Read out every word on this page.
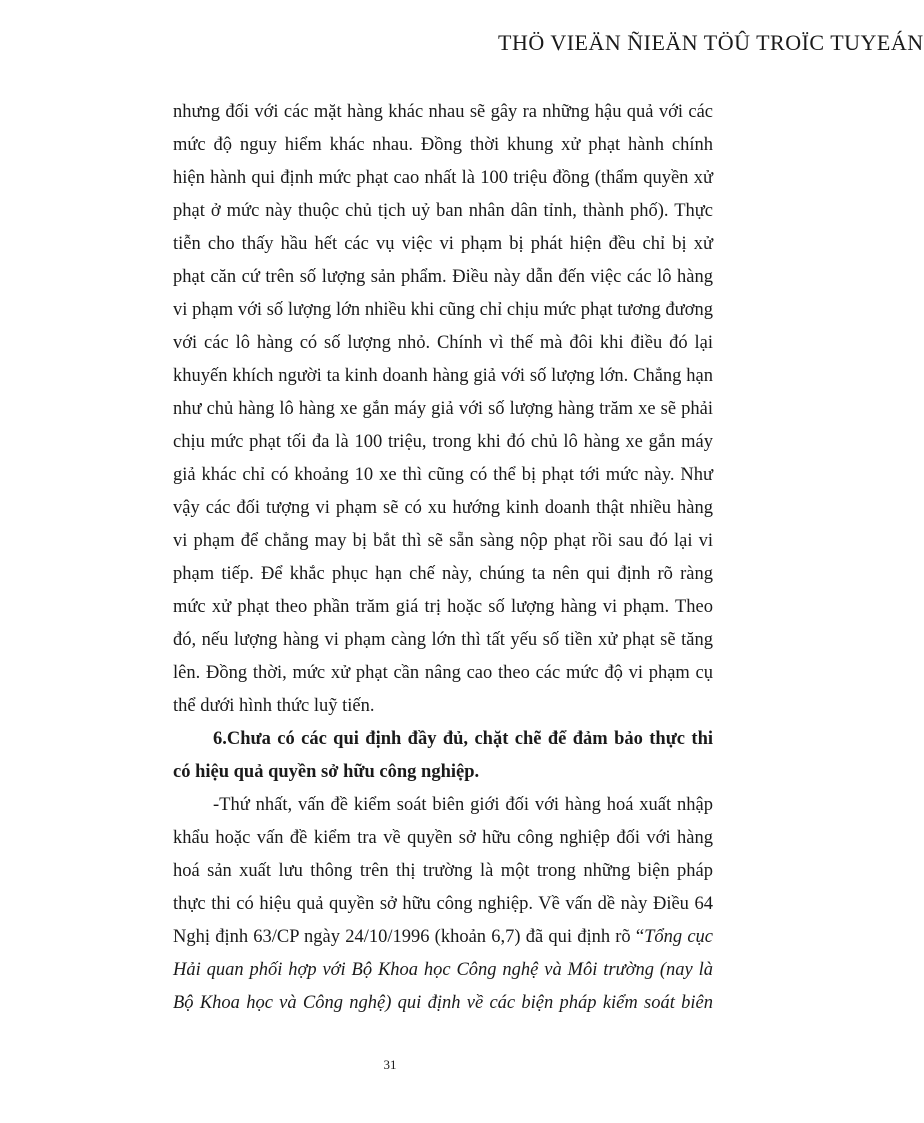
THÖ VIEÄN ÑIEÄN TÖÛ TROÏC TUYEÁN
nhưng đối với các mặt hàng khác nhau sẽ gây ra những hậu quả với các
mức độ nguy hiểm khác nhau. Đồng thời khung xử phạt hành chính
hiện hành qui định mức phạt cao nhất là 100 triệu đồng (thẩm quyền xử
phạt ở mức này thuộc chủ tịch uỷ ban nhân dân tỉnh, thành phố). Thực
tiễn cho thấy hầu hết các vụ việc vi phạm bị phát hiện đều chỉ bị xử
phạt căn cứ trên số lượng sản phẩm. Điều này dẫn đến việc các lô hàng
vi phạm với số lượng lớn nhiều khi cũng chỉ chịu mức phạt tương đương
với các lô hàng có số lượng nhỏ. Chính vì thế mà đôi khi điều đó lại
khuyến khích người ta kinh doanh hàng giả với số lượng lớn. Chẳng hạn
như chủ hàng lô hàng xe gắn máy giả với số lượng hàng trăm xe sẽ phải
chịu mức phạt tối đa là 100 triệu, trong khi đó chủ lô hàng xe gắn máy
giả khác chỉ có khoảng 10 xe thì cũng có thể bị phạt tới mức này. Như
vậy các đối tượng vi phạm sẽ có xu hướng kinh doanh thật nhiều hàng
vi phạm để chẳng may bị bắt thì sẽ sẵn sàng nộp phạt rồi sau đó lại vi
phạm tiếp. Để khắc phục hạn chế này, chúng ta nên qui định rõ ràng
mức xử phạt theo phần trăm giá trị hoặc số lượng hàng vi phạm. Theo
đó, nếu lượng hàng vi phạm càng lớn thì tất yếu số tiền xử phạt sẽ tăng
lên. Đồng thời, mức xử phạt cần nâng cao theo các mức độ vi phạm cụ
thể dưới hình thức luỹ tiến.
6.Chưa có các qui định đầy đủ, chặt chẽ để đảm bảo thực thi
có hiệu quả quyền sở hữu công nghiệp.
-Thứ nhất, vấn đề kiểm soát biên giới đối với hàng hoá xuất nhập
khẩu hoặc vấn đề kiểm tra về quyền sở hữu công nghiệp đối với hàng
hoá sản xuất lưu thông trên thị trường là một trong những biện pháp
thực thi có hiệu quả quyền sở hữu công nghiệp. Về vấn dề này Điều 64
Nghị định 63/CP ngày 24/10/1996 (khoản 6,7) đã qui định rõ “Tổng cục
Hải quan phối hợp với Bộ Khoa học Công nghệ và Môi trường (nay là
Bộ Khoa học và Công nghệ) qui định về các biện pháp kiểm soát biên
31
